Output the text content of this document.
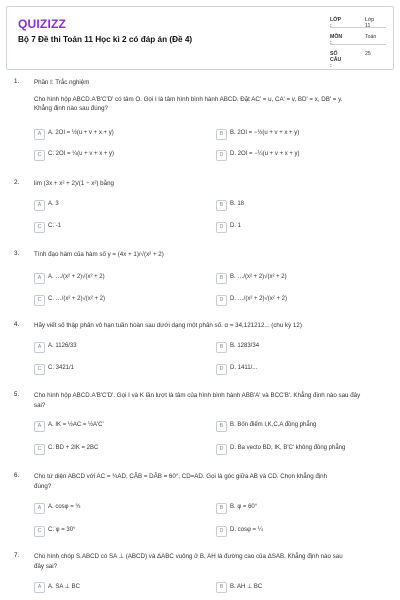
QUIZIZZ
Bộ 7 Đề thi Toán 11 Học kì 2 có đáp án (Đề 4)
LỚP :
Lớp 11
MÔN :
Toán
SỐ CÂU :
25
1. Phần I: Trắc nghiệm
Cho hình hộp ABCD.A'B'C'D' có tâm O. Gọi I là tâm hình bình hành ABCD. Đặt AC' = u, CA' = v, BD' = x, DB' = y.
Khẳng định nào sau đúng?
A	A. 2OI = ½(u + v + x + y)	B	B. 2OI = −½(u + v + x + y)
C	C. 2OI = ¼(u + v + x + y)	D	D. 2OI = −¼(u + v + x + y)
2. lim (3x + x² + 2)/(1 − x²) bằng
A	A. 3	B	B. 18
C	C. -1	D	D. 1
3. Tính đạo hàm của hàm số y = (4x + 1)/√(x² + 2)
A	A. …/(x² + 2)√(x² + 2)	B	B. …/(x² + 2)√(x² + 2)
C	C. …/(x² + 2)√(x² + 2)	D	D. …/(x² + 2)√(x² + 2)
4. Hãy viết số thập phân vô hạn tuần hoàn sau dưới dạng một phân số. α = 34,121212... (chu kỳ 12)
A	A. 1126/33	B	B. 1283/34
C	C. 3421/1	D	D. 1411/...
5. Cho hình hộp ABCD.A'B'C'D'. Gọi I và K lần lượt là tâm của hình bình hành ABB'A' và BCC'B'. Khẳng định nào sau đây
sai?
A	A. IK = ½AC = ½A'C'	B	B. Bốn điểm I,K,C,A đồng phẳng
C	C. BD + 2IK = 2BC	D	D. Ba vecto BD, IK, B'C' không đồng phẳng
6. Cho tứ diện ABCD với AC = ¾AD, CÂB = DÂB = 60°, CD=AD. Gọi là góc giữa AB và CD. Chọn khẳng định
đúng?
A	A. cosφ = ¾	B	B. φ = 60°
C	C. φ = 30°	D	D. cosφ = ¼
7. Cho hình chóp S.ABCD có SA ⊥ (ABCD) và ΔABC vuông ở B, AH là đường cao của ΔSAB. Khẳng định nào sau
đây sai?
A	A. SA ⊥ BC	B	B. AH ⊥ BC
